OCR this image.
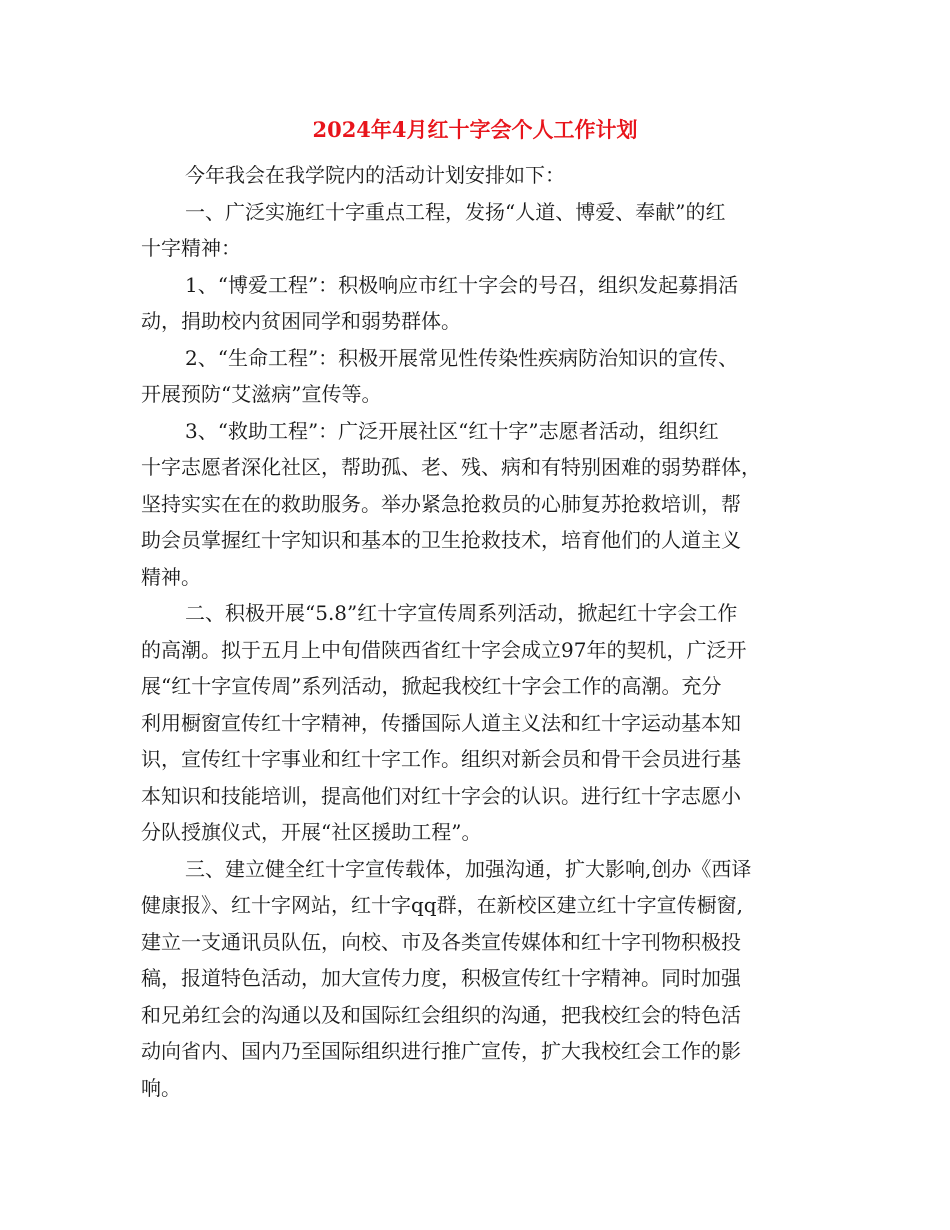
2024年4月红十字会个人工作计划
今年我会在我学院内的活动计划安排如下：
一、广泛实施红十字重点工程，发扬“人道、博爱、奉献”的红
十字精神：
1、“博爱工程”：积极响应市红十字会的号召，组织发起募捐活
动，捐助校内贫困同学和弱势群体。
2、“生命工程”：积极开展常见性传染性疾病防治知识的宣传、
开展预防“艾滋病”宣传等。
3、“救助工程”：广泛开展社区“红十字”志愿者活动，组织红
十字志愿者深化社区，帮助孤、老、残、病和有特别困难的弱势群体，
坚持实实在在的救助服务。举办紧急抢救员的心肺复苏抢救培训，帮
助会员掌握红十字知识和基本的卫生抢救技术，培育他们的人道主义
精神。
二、积极开展“5.8”红十字宣传周系列活动，掀起红十字会工作
的高潮。拟于五月上中旬借陕西省红十字会成立97年的契机，广泛开
展“红十字宣传周”系列活动，掀起我校红十字会工作的高潮。充分
利用橱窗宣传红十字精神，传播国际人道主义法和红十字运动基本知
识，宣传红十字事业和红十字工作。组织对新会员和骨干会员进行基
本知识和技能培训，提高他们对红十字会的认识。进行红十字志愿小
分队授旗仪式，开展“社区援助工程”。
三、建立健全红十字宣传载体，加强沟通，扩大影响,创办《西译
健康报》、红十字网站，红十字qq群，在新校区建立红十字宣传橱窗,
建立一支通讯员队伍，向校、市及各类宣传媒体和红十字刊物积极投
稿，报道特色活动，加大宣传力度，积极宣传红十字精神。同时加强
和兄弟红会的沟通以及和国际红会组织的沟通，把我校红会的特色活
动向省内、国内乃至国际组织进行推广宣传，扩大我校红会工作的影
响。
